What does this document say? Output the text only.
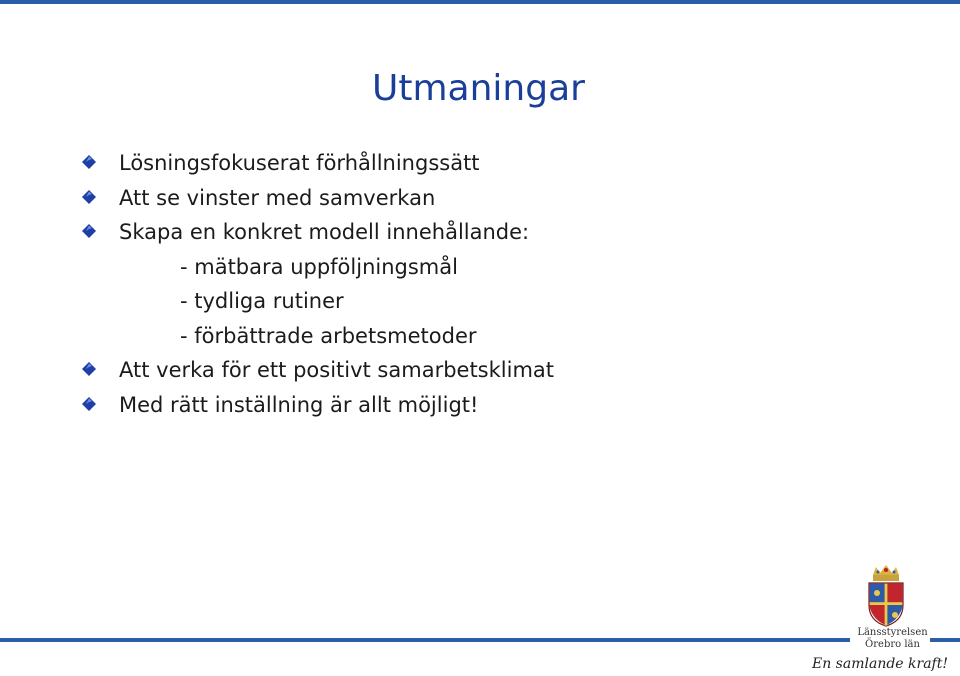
Utmaningar
Lösningsfokuserat förhållningssätt
Att se vinster med samverkan
Skapa en konkret modell innehållande:
- mätbara uppföljningsmål
- tydliga rutiner
- förbättrade arbetsmetoder
Att verka för ett positivt samarbetsklimat
Med rätt inställning är allt möjligt!
Länsstyrelsen
Örebro län
En samlande kraft!
